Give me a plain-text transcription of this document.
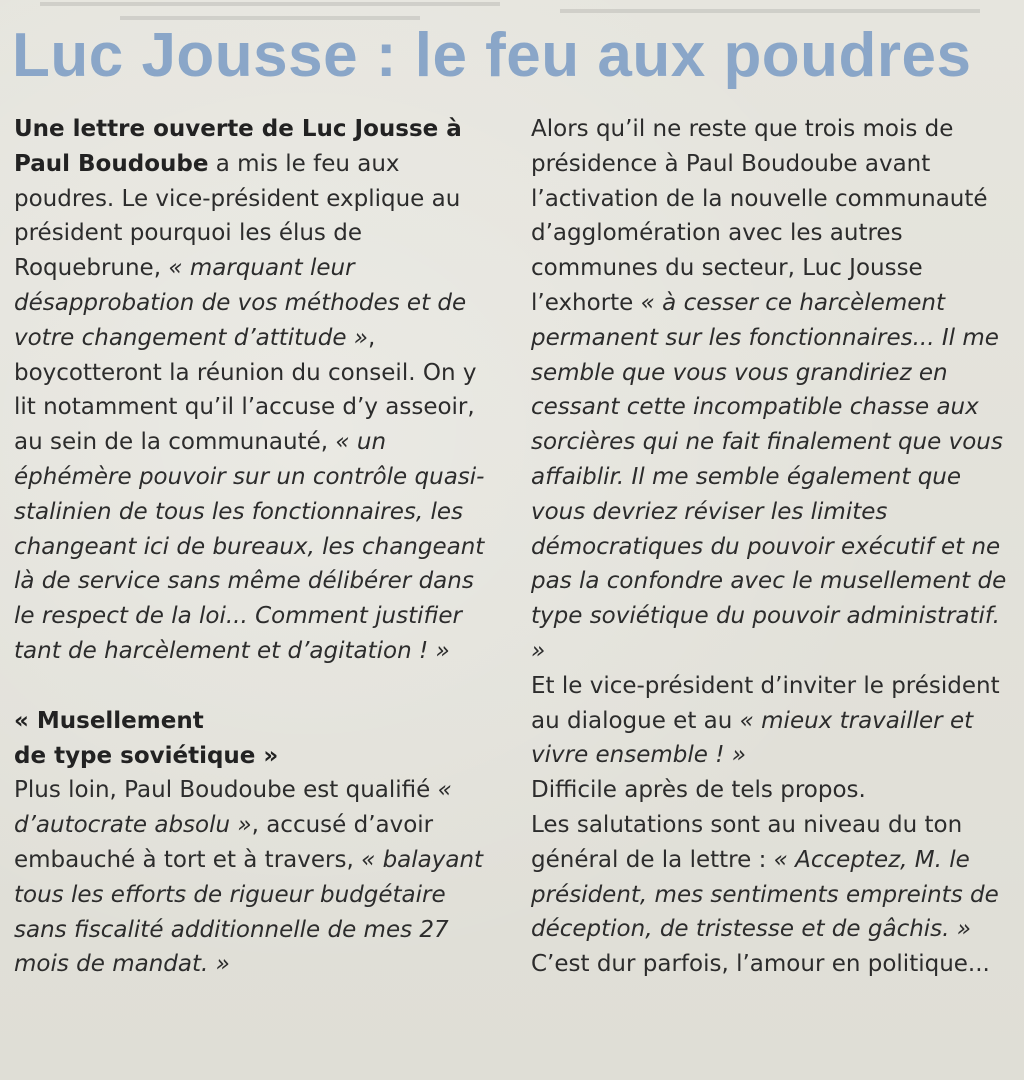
Luc Jousse : le feu aux poudres

Une lettre ouverte de Luc Jousse à Paul Boudoube a mis le feu aux poudres. Le vice-président explique au président pourquoi les élus de Roquebrune, « marquant leur désapprobation de vos méthodes et de votre changement d’attitude », boycotteront la réunion du conseil. On y lit notamment qu’il l’accuse d’y asseoir, au sein de la communauté, « un éphémère pouvoir sur un contrôle quasi-stalinien de tous les fonctionnaires, les changeant ici de bureaux, les changeant là de service sans même délibérer dans le respect de la loi... Comment justifier tant de harcèlement et d’agitation ! »

« Musellement
de type soviétique »

Plus loin, Paul Boudoube est qualifié « d’autocrate absolu », accusé d’avoir embauché à tort et à travers, « balayant tous les efforts de rigueur budgétaire sans fiscalité additionnelle de mes 27 mois de mandat. »

Alors qu’il ne reste que trois mois de présidence à Paul Boudoube avant l’activation de la nouvelle communauté d’agglomération avec les autres communes du secteur, Luc Jousse l’exhorte « à cesser ce harcèlement permanent sur les fonctionnaires... Il me semble que vous vous grandiriez en cessant cette incompatible chasse aux sorcières qui ne fait finalement que vous affaiblir. Il me semble également que vous devriez réviser les limites démocratiques du pouvoir exécutif et ne pas la confondre avec le musellement de type soviétique du pouvoir administratif. »

Et le vice-président d’inviter le président au dialogue et au « mieux travailler et vivre ensemble ! »

Difficile après de tels propos.

Les salutations sont au niveau du ton général de la lettre : « Acceptez, M. le président, mes sentiments empreints de déception, de tristesse et de gâchis. »

C’est dur parfois, l’amour en politique...
